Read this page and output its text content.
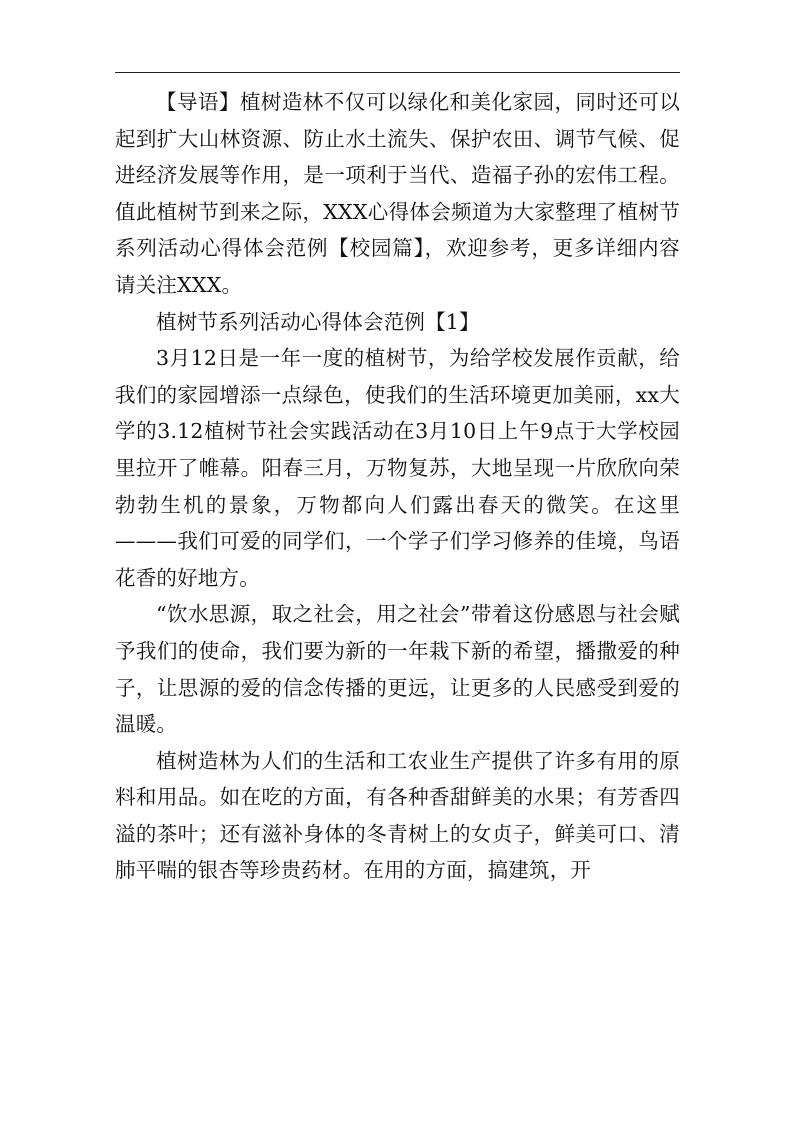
【导语】植树造林不仅可以绿化和美化家园，同时还可以起到扩大山林资源、防止水土流失、保护农田、调节气候、促进经济发展等作用，是一项利于当代、造福子孙的宏伟工程。值此植树节到来之际，XXX心得体会频道为大家整理了植树节系列活动心得体会范例【校园篇】，欢迎参考，更多详细内容请关注XXX。

植树节系列活动心得体会范例【1】

3月12日是一年一度的植树节，为给学校发展作贡献，给我们的家园增添一点绿色，使我们的生活环境更加美丽，xx大学的3.12植树节社会实践活动在3月10日上午9点于大学校园里拉开了帷幕。阳春三月，万物复苏，大地呈现一片欣欣向荣勃勃生机的景象，万物都向人们露出春天的微笑。在这里———我们可爱的同学们，一个学子们学习修养的佳境，鸟语花香的好地方。

“饮水思源，取之社会，用之社会”带着这份感恩与社会赋予我们的使命，我们要为新的一年栽下新的希望，播撒爱的种子，让思源的爱的信念传播的更远，让更多的人民感受到爱的温暖。

植树造林为人们的生活和工农业生产提供了许多有用的原料和用品。如在吃的方面，有各种香甜鲜美的水果；有芳香四溢的茶叶；还有滋补身体的冬青树上的女贞子，鲜美可口、清肺平喘的银杏等珍贵药材。在用的方面，搞建筑，开
